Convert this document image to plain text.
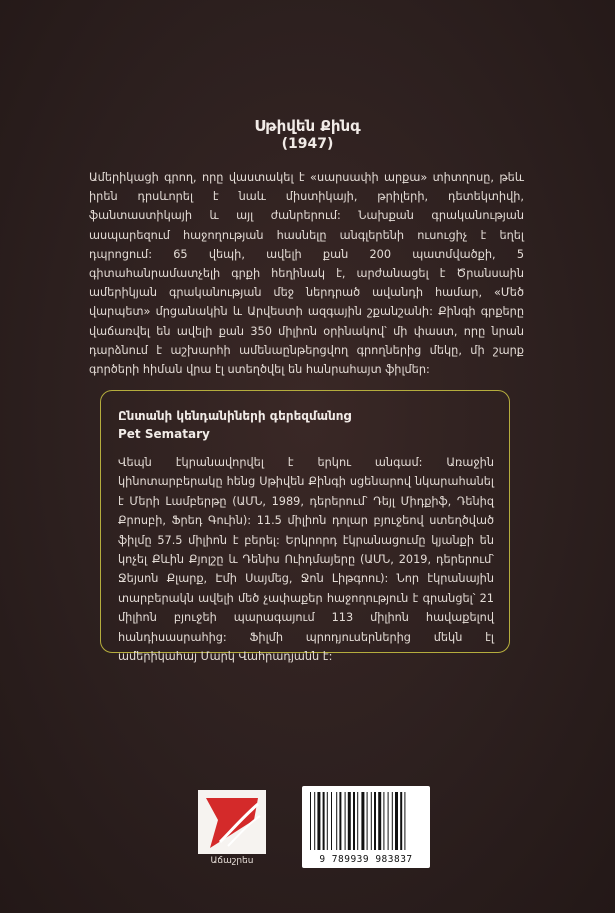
Սթիվեն Քինգ
(1947)

Ամերիկացի գրող, որը վաստակել է «սարսափի արքա» տիտղոսը, թեև իրեն դրսևորել է նաև միստիկայի, թրիլերի, դետեկտիվի, ֆանտաստիկայի և այլ ժանրերում: Նախքան գրականության ասպարեզում հաջողության հասնելը անգլերենի ուսուցիչ է եղել դպրոցում: 65 վեպի, ավելի քան 200 պատմվածքի, 5 գիտահանրամատչելի գրքի հեղինակ է, արժանացել է Ծրանսաին ամերիկյան գրականության մեջ ներդրած ավանդի համար, «Մեծ վարպետ» մրցանակին և Արվեստի ազգային շքանշանի: Քինգի գրքերը վաճառվել են ավելի քան 350 միլիոն օրինակով՝ մի փաստ, որը նրան դարձնում է աշխարհի ամենաընթերցվող գրողներից մեկը, մի շարք գործերի հիման վրա էլ ստեղծվել են հանրահայտ ֆիլմեր:

Ընտանի կենդանիների գերեզմանոց
Pet Sematary

Վեպն էկրանավորվել է երկու անգամ: Առաջին կինոտարբերակը հենց Սթիվեն Քինգի սցենարով նկարահանել է Մերի Լամբերթը (ԱՄՆ, 1989, դերերում՝ Դեյլ Միդքիֆ, Դենիզ Քրոսբի, Ֆրեդ Գուին): 11.5 միլիոն դոլար բյուջեով ստեղծված ֆիլմը 57.5 միլիոն է բերել: Երկրորդ էկրանացումը կյանքի են կոչել Քևին Քյոլշը և Դենիս Ուիդմայերը (ԱՄՆ, 2019, դերերում՝ Ջեյսոն Քլարք, Էմի Սայմեց, Ջոն Լիթգոու): Նոր էկրանային տարբերակն ավելի մեծ չափաքեր հաջողություն է գրանցել՝ 21 միլիոն բյուջեի պարագայում 113 միլիոն հավաքելով հանդիսասրահից: Ֆիլմի պրոդյուսերներից մեկն էլ ամերիկահայ Մարկ Վահրադյանն է:

Աճաշրես	9 789939 983837
